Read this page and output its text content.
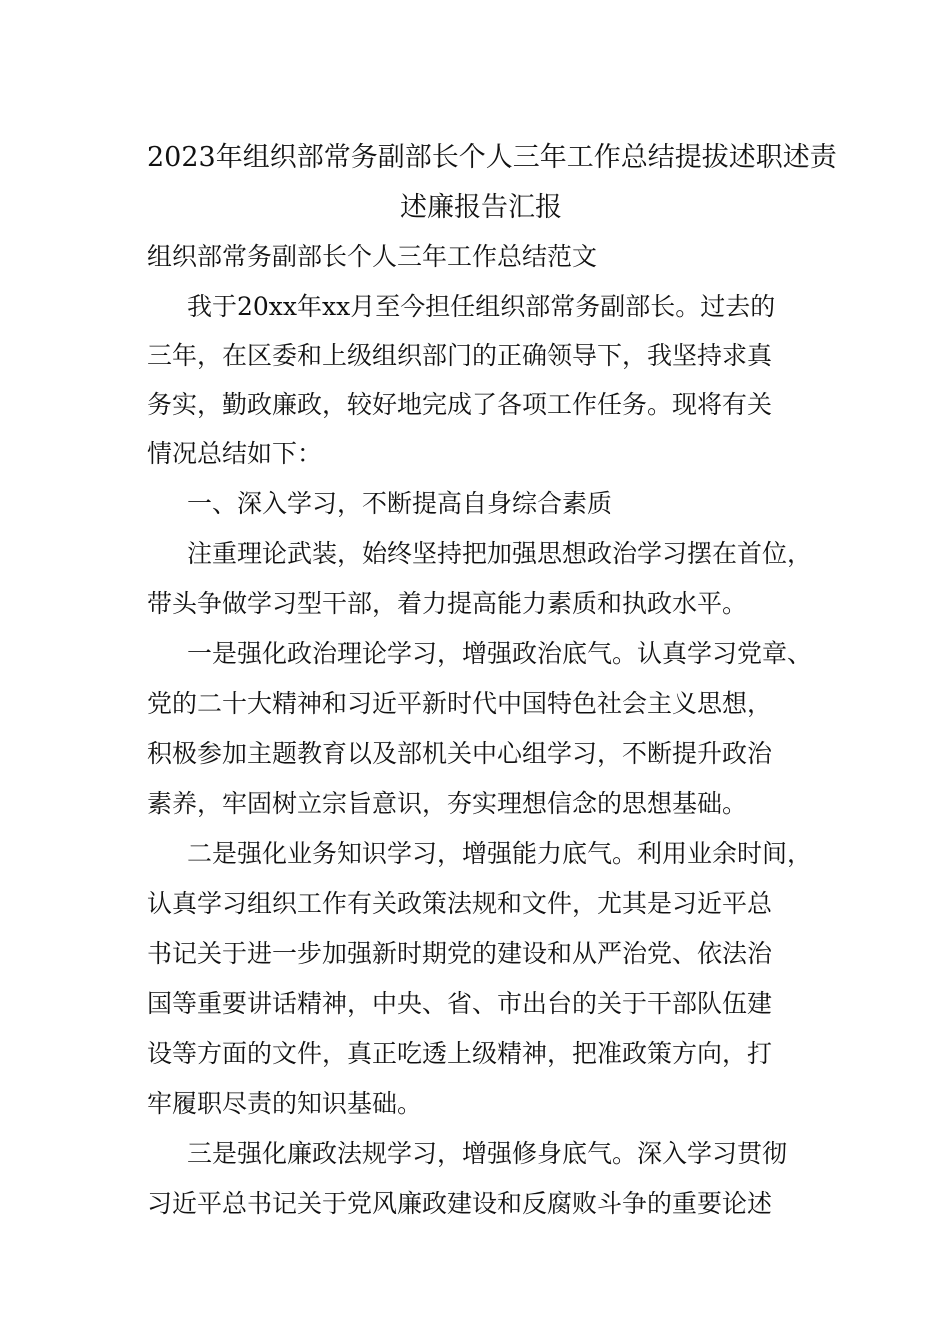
2023年组织部常务副部长个人三年工作总结提拔述职述责
述廉报告汇报
组织部常务副部长个人三年工作总结范文
我于20xx年xx月至今担任组织部常务副部长。过去的
三年，在区委和上级组织部门的正确领导下，我坚持求真
务实，勤政廉政，较好地完成了各项工作任务。现将有关
情况总结如下：
一、深入学习，不断提高自身综合素质
注重理论武装，始终坚持把加强思想政治学习摆在首位，
带头争做学习型干部，着力提高能力素质和执政水平。
一是强化政治理论学习，增强政治底气。认真学习党章、
党的二十大精神和习近平新时代中国特色社会主义思想，
积极参加主题教育以及部机关中心组学习，不断提升政治
素养，牢固树立宗旨意识，夯实理想信念的思想基础。
二是强化业务知识学习，增强能力底气。利用业余时间，
认真学习组织工作有关政策法规和文件，尤其是习近平总
书记关于进一步加强新时期党的建设和从严治党、依法治
国等重要讲话精神，中央、省、市出台的关于干部队伍建
设等方面的文件，真正吃透上级精神，把准政策方向，打
牢履职尽责的知识基础。
三是强化廉政法规学习，增强修身底气。深入学习贯彻
习近平总书记关于党风廉政建设和反腐败斗争的重要论述
